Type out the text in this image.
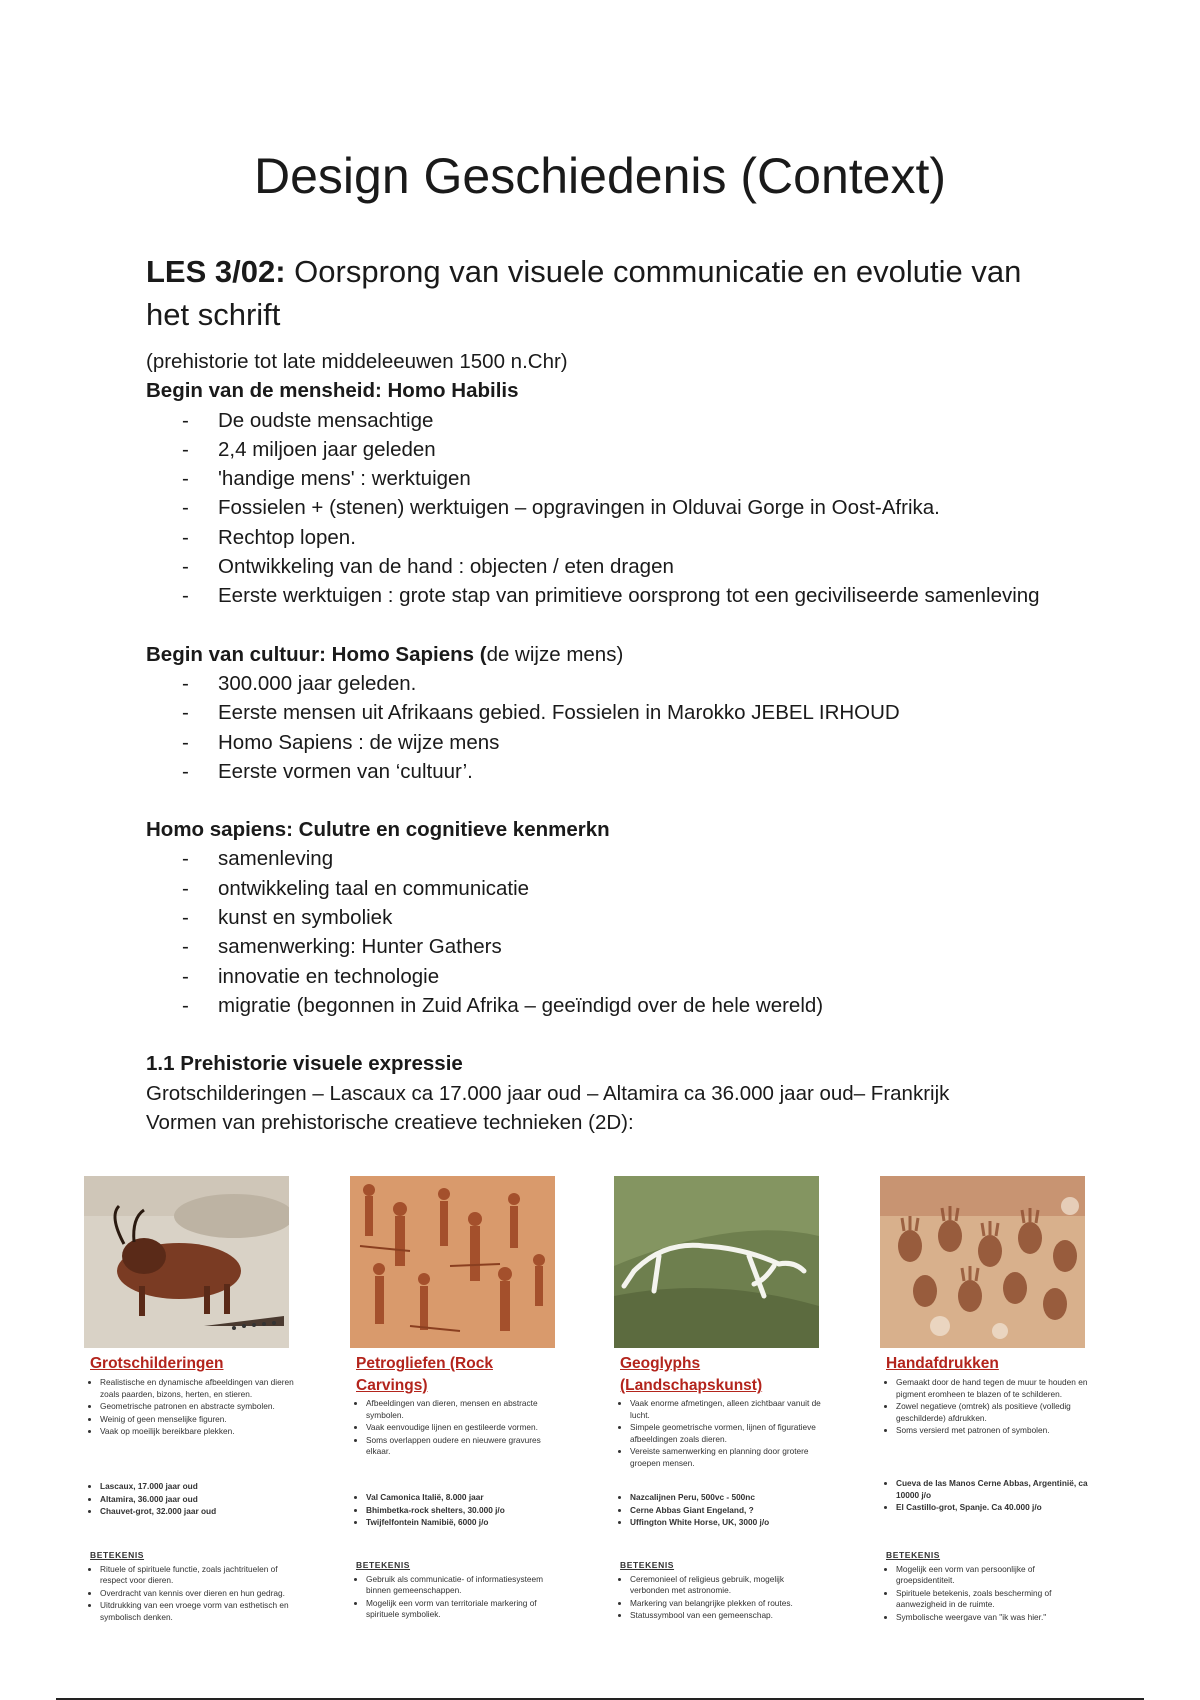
Design Geschiedenis (Context)
LES 3/02: Oorsprong van visuele communicatie en evolutie van het schrift

(prehistorie tot late middeleeuwen 1500 n.Chr)

Begin van de mensheid: Homo Habilis

- De oudste mensachtige
- 2,4 miljoen jaar geleden
- 'handige mens' : werktuigen
- Fossielen + (stenen) werktuigen – opgravingen in Olduvai Gorge in Oost-Afrika.
- Rechtop lopen.
- Ontwikkeling van de hand : objecten / eten dragen
- Eerste werktuigen : grote stap van primitieve oorsprong tot een geciviliseerde samenleving

Begin van cultuur: Homo Sapiens (de wijze mens)

- 300.000 jaar geleden.
- Eerste mensen uit Afrikaans gebied. Fossielen in Marokko JEBEL IRHOUD
- Homo Sapiens : de wijze mens
- Eerste vormen van ‘cultuur’.

Homo sapiens: Culutre en cognitieve kenmerkn

- samenleving
- ontwikkeling taal en communicatie
- kunst en symboliek
- samenwerking: Hunter Gathers
- innovatie en technologie
- migratie (begonnen in Zuid Afrika – geeïndigd over de hele wereld)

1.1 Prehistorie visuele expressie

Grotschilderingen – Lascaux ca 17.000 jaar oud – Altamira ca 36.000 jaar oud– Frankrijk

Vormen van prehistorische creatieve technieken (2D):

Grotschilderingen
• Realistische en dynamische afbeeldingen van dieren zoals paarden, bizons, herten, en stieren.
• Geometrische patronen en abstracte symbolen.
• Weinig of geen menselijke figuren.
• Vaak op moeilijk bereikbare plekken.
• Lascaux, 17.000 jaar oud
• Altamira, 36.000 jaar oud
• Chauvet-grot, 32.000 jaar oud
BETEKENIS
• Rituele of spirituele functie, zoals jachtrituelen of respect voor dieren.
• Overdracht van kennis over dieren en hun gedrag.
• Uitdrukking van een vroege vorm van esthetisch en symbolisch denken.
Petrogliefen (Rock Carvings)
• Afbeeldingen van dieren, mensen en abstracte symbolen.
• Vaak eenvoudige lijnen en gestileerde vormen.
• Soms overlappen oudere en nieuwere gravures elkaar.
• Val Camonica Italië, 8.000 jaar
• Bhimbetka-rock shelters, 30.000 j/o
• Twijfelfontein Namibië, 6000 j/o
BETEKENIS
• Gebruik als communicatie- of informatiesysteem binnen gemeenschappen.
• Mogelijk een vorm van territoriale markering of spirituele symboliek.
Geoglyphs (Landschapskunst)
• Vaak enorme afmetingen, alleen zichtbaar vanuit de lucht.
• Simpele geometrische vormen, lijnen of figuratieve afbeeldingen zoals dieren.
• Vereiste samenwerking en planning door grotere groepen mensen.
• Nazcalijnen Peru, 500vc - 500nc
• Cerne Abbas Giant Engeland, ?
• Uffington White Horse, UK, 3000 j/o
BETEKENIS
• Ceremonieel of religieus gebruik, mogelijk verbonden met astronomie.
• Markering van belangrijke plekken of routes.
• Statussymbool van een gemeenschap.
Handafdrukken
• Gemaakt door de hand tegen de muur te houden en pigment eromheen te blazen of te schilderen.
• Zowel negatieve (omtrek) als positieve (volledig geschilderde) afdrukken.
• Soms versierd met patronen of symbolen.
• Cueva de las Manos Cerne Abbas, Argentinië, ca 10000 j/o
• El Castillo-grot, Spanje. Ca 40.000 j/o
BETEKENIS
• Mogelijk een vorm van persoonlijke of groepsidentiteit.
• Spirituele betekenis, zoals bescherming of aanwezigheid in de ruimte.
• Symbolische weergave van "ik was hier."
